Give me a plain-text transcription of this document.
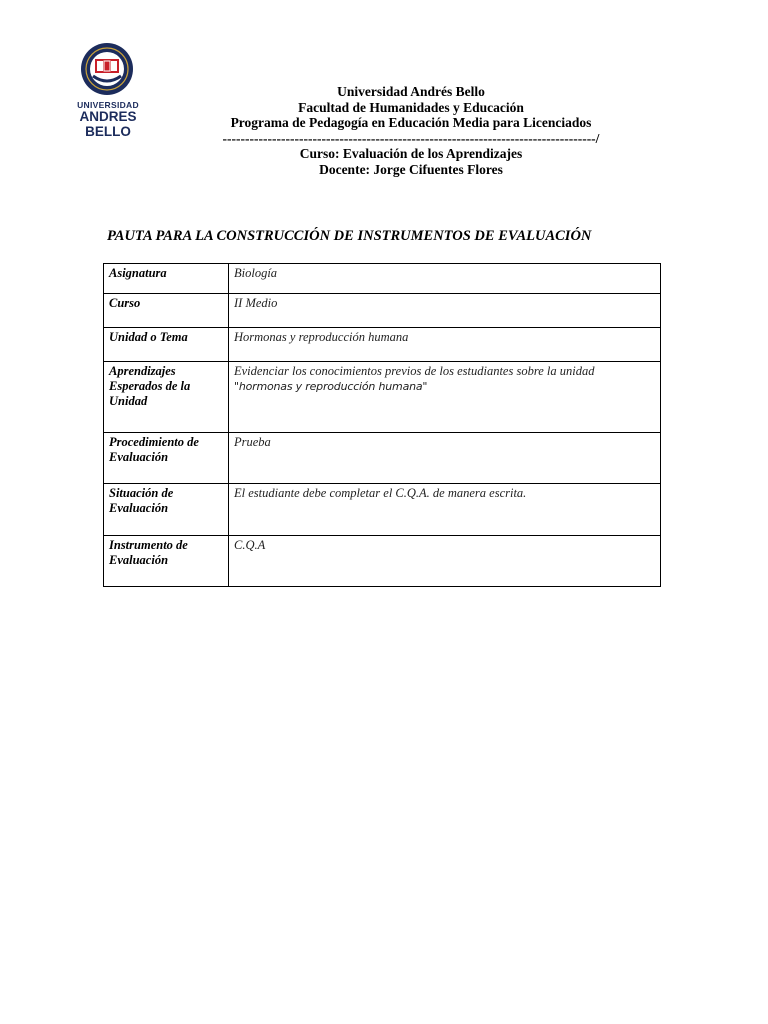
UNIVERSIDAD
ANDRES BELLO
Universidad Andrés Bello
Facultad de Humanidades y Educación
Programa de Pedagogía en Educación Media para Licenciados
-----------------------------------------------------------------------------------/
Curso: Evaluación de los Aprendizajes
Docente: Jorge Cifuentes Flores
PAUTA PARA LA CONSTRUCCIÓN DE INSTRUMENTOS DE EVALUACIÓN
Asignatura	Biología
Curso	II Medio
Unidad o Tema	Hormonas y reproducción humana
Aprendizajes Esperados de la Unidad	Evidenciar los conocimientos previos de los estudiantes sobre la unidad
"hormonas y reproducción humana"

Procedimiento de Evaluación	Prueba
Situación de Evaluación	El estudiante debe completar el C.Q.A. de manera escrita.
Instrumento de Evaluación	C.Q.A
